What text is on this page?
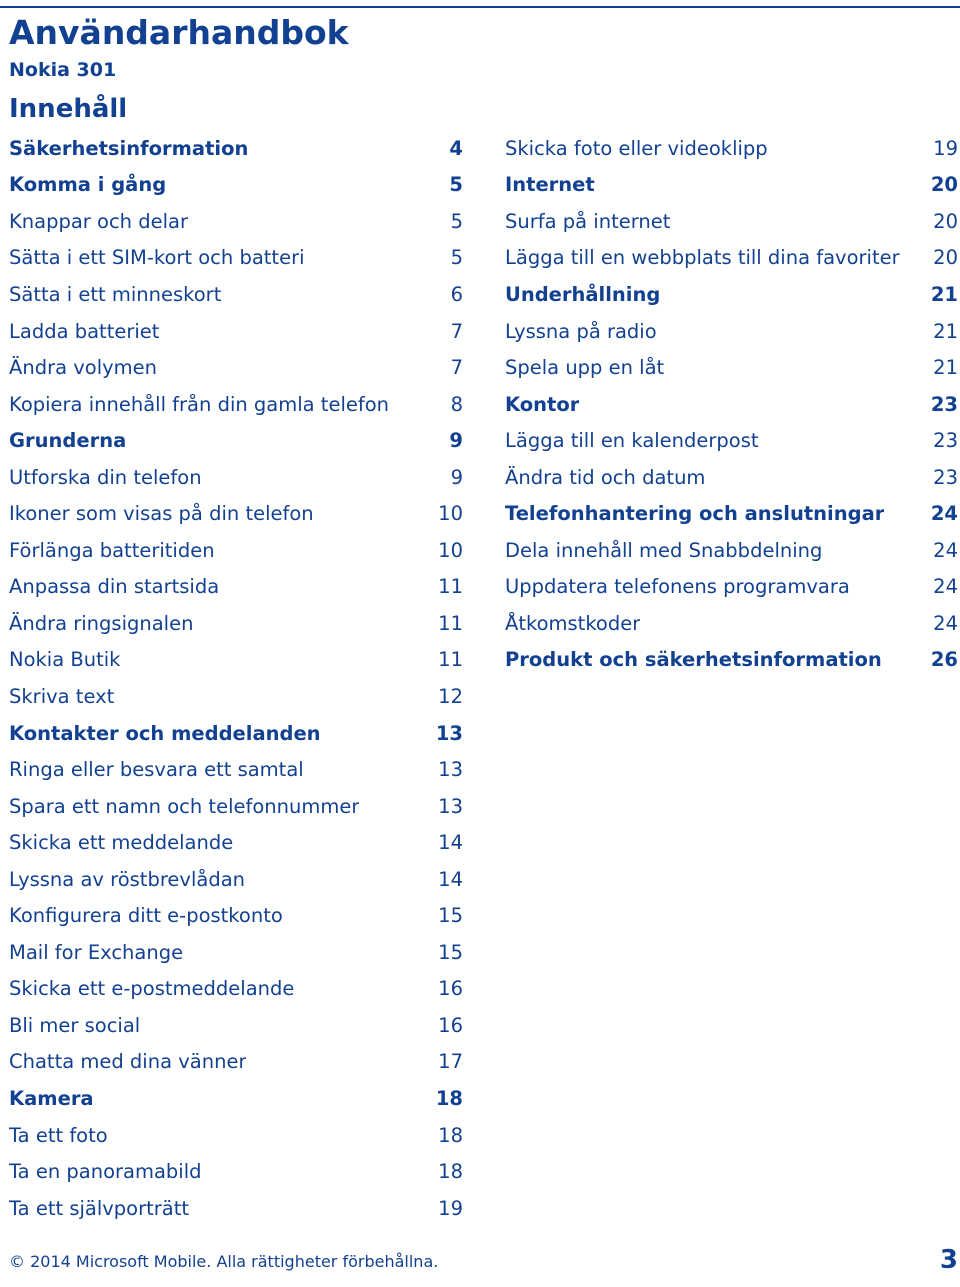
Användarhandbok
Nokia 301
Innehåll
Säkerhetsinformation	4
Komma i gång	5
Knappar och delar	5
Sätta i ett SIM-kort och batteri	5
Sätta i ett minneskort	6
Ladda batteriet	7
Ändra volymen	7
Kopiera innehåll från din gamla telefon	8
Grunderna	9
Utforska din telefon	9
Ikoner som visas på din telefon	10
Förlänga batteritiden	10
Anpassa din startsida	11
Ändra ringsignalen	11
Nokia Butik	11
Skriva text	12
Kontakter och meddelanden	13
Ringa eller besvara ett samtal	13
Spara ett namn och telefonnummer	13
Skicka ett meddelande	14
Lyssna av röstbrevlådan	14
Konfigurera ditt e-postkonto	15
Mail for Exchange	15
Skicka ett e-postmeddelande	16
Bli mer social	16
Chatta med dina vänner	17
Kamera	18
Ta ett foto	18
Ta en panoramabild	18
Ta ett självporträtt	19
Skicka foto eller videoklipp	19
Internet	20
Surfa på internet	20
Lägga till en webbplats till dina favoriter	20
Underhållning	21
Lyssna på radio	21
Spela upp en låt	21
Kontor	23
Lägga till en kalenderpost	23
Ändra tid och datum	23
Telefonhantering och anslutningar	24
Dela innehåll med Snabbdelning	24
Uppdatera telefonens programvara	24
Åtkomstkoder	24
Produkt och säkerhetsinformation	26
© 2014 Microsoft Mobile. Alla rättigheter förbehållna.	3
